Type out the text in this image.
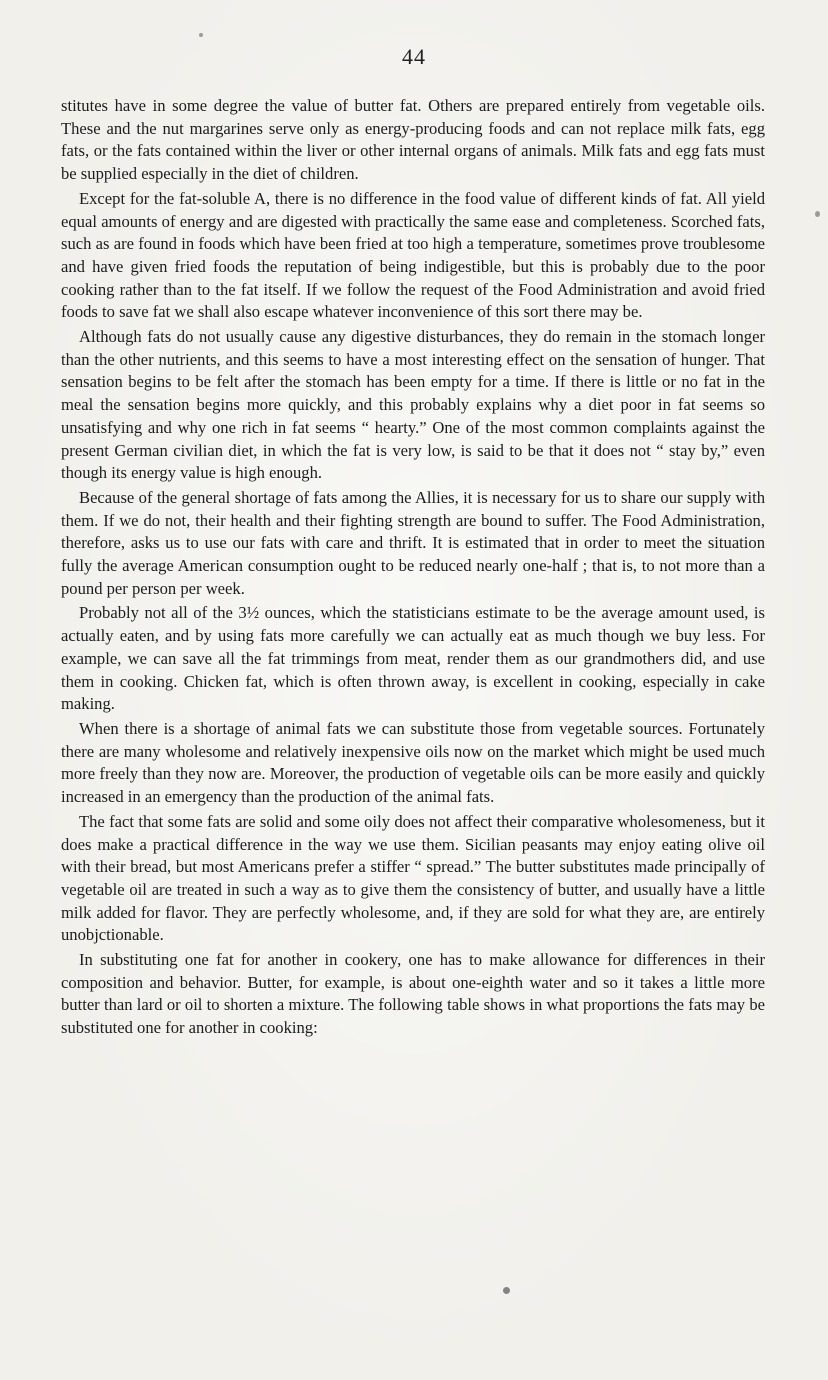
44

stitutes have in some degree the value of butter fat. Others are prepared entirely from vegetable oils. These and the nut margarines serve only as energy-producing foods and can not replace milk fats, egg fats, or the fats contained within the liver or other internal organs of animals. Milk fats and egg fats must be supplied especially in the diet of children.

Except for the fat-soluble A, there is no difference in the food value of different kinds of fat. All yield equal amounts of energy and are digested with practically the same ease and completeness. Scorched fats, such as are found in foods which have been fried at too high a temperature, sometimes prove troublesome and have given fried foods the reputation of being indigestible, but this is probably due to the poor cooking rather than to the fat itself. If we follow the request of the Food Administration and avoid fried foods to save fat we shall also escape whatever inconvenience of this sort there may be.

Although fats do not usually cause any digestive disturbances, they do remain in the stomach longer than the other nutrients, and this seems to have a most interesting effect on the sensation of hunger. That sensation begins to be felt after the stomach has been empty for a time. If there is little or no fat in the meal the sensation begins more quickly, and this probably explains why a diet poor in fat seems so unsatisfying and why one rich in fat seems “ hearty.” One of the most common complaints against the present German civilian diet, in which the fat is very low, is said to be that it does not “ stay by,” even though its energy value is high enough.

Because of the general shortage of fats among the Allies, it is necessary for us to share our supply with them. If we do not, their health and their fighting strength are bound to suffer. The Food Administration, therefore, asks us to use our fats with care and thrift. It is estimated that in order to meet the situation fully the average American consumption ought to be reduced nearly one-half ; that is, to not more than a pound per person per week.

Probably not all of the 3½ ounces, which the statisticians estimate to be the average amount used, is actually eaten, and by using fats more carefully we can actually eat as much though we buy less. For example, we can save all the fat trimmings from meat, render them as our grandmothers did, and use them in cooking. Chicken fat, which is often thrown away, is excellent in cooking, especially in cake making.

When there is a shortage of animal fats we can substitute those from vegetable sources. Fortunately there are many wholesome and relatively inexpensive oils now on the market which might be used much more freely than they now are. Moreover, the production of vegetable oils can be more easily and quickly increased in an emergency than the production of the animal fats.

The fact that some fats are solid and some oily does not affect their comparative wholesomeness, but it does make a practical difference in the way we use them. Sicilian peasants may enjoy eating olive oil with their bread, but most Americans prefer a stiffer “ spread.” The butter substitutes made principally of vegetable oil are treated in such a way as to give them the consistency of butter, and usually have a little milk added for flavor. They are perfectly wholesome, and, if they are sold for what they are, are entirely unobjctionable.

In substituting one fat for another in cookery, one has to make allowance for differences in their composition and behavior. Butter, for example, is about one-eighth water and so it takes a little more butter than lard or oil to shorten a mixture. The following table shows in what proportions the fats may be substituted one for another in cooking:
